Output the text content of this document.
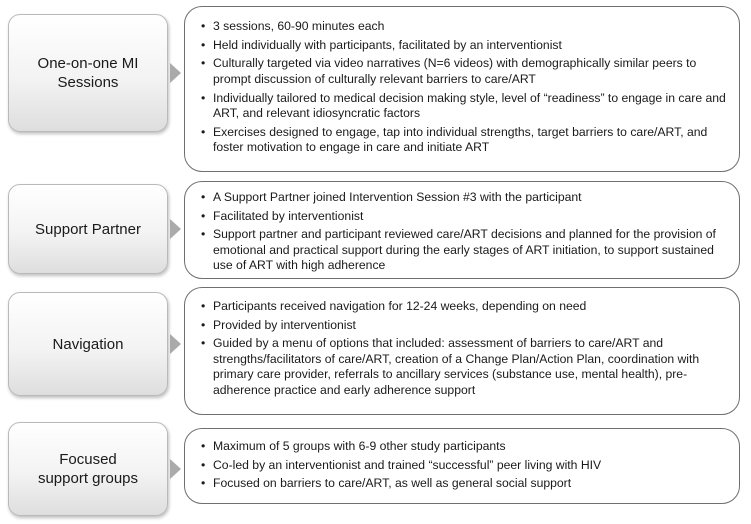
One-on-one MI
Sessions
• 3 sessions, 60-90 minutes each
• Held individually with participants, facilitated by an interventionist
• Culturally targeted via video narratives (N=6 videos) with demographically similar peers to prompt discussion of culturally relevant barriers to care/ART
• Individually tailored to medical decision making style, level of “readiness” to engage in care and ART, and relevant idiosyncratic factors
• Exercises designed to engage, tap into individual strengths, target barriers to care/ART, and foster motivation to engage in care and initiate ART
Support Partner
• A Support Partner joined Intervention Session #3 with the participant
• Facilitated by interventionist
• Support partner and participant reviewed care/ART decisions and planned for the provision of emotional and practical support during the early stages of ART initiation, to support sustained use of ART with high adherence
Navigation
• Participants received navigation for 12-24 weeks, depending on need
• Provided by interventionist
• Guided by a menu of options that included: assessment of barriers to care/ART and strengths/facilitators of care/ART, creation of a Change Plan/Action Plan, coordination with primary care provider, referrals to ancillary services (substance use, mental health), pre-adherence practice and early adherence support
Focused
support groups
• Maximum of 5 groups with 6-9 other study participants
• Co-led by an interventionist and trained “successful” peer living with HIV
• Focused on barriers to care/ART, as well as general social support
